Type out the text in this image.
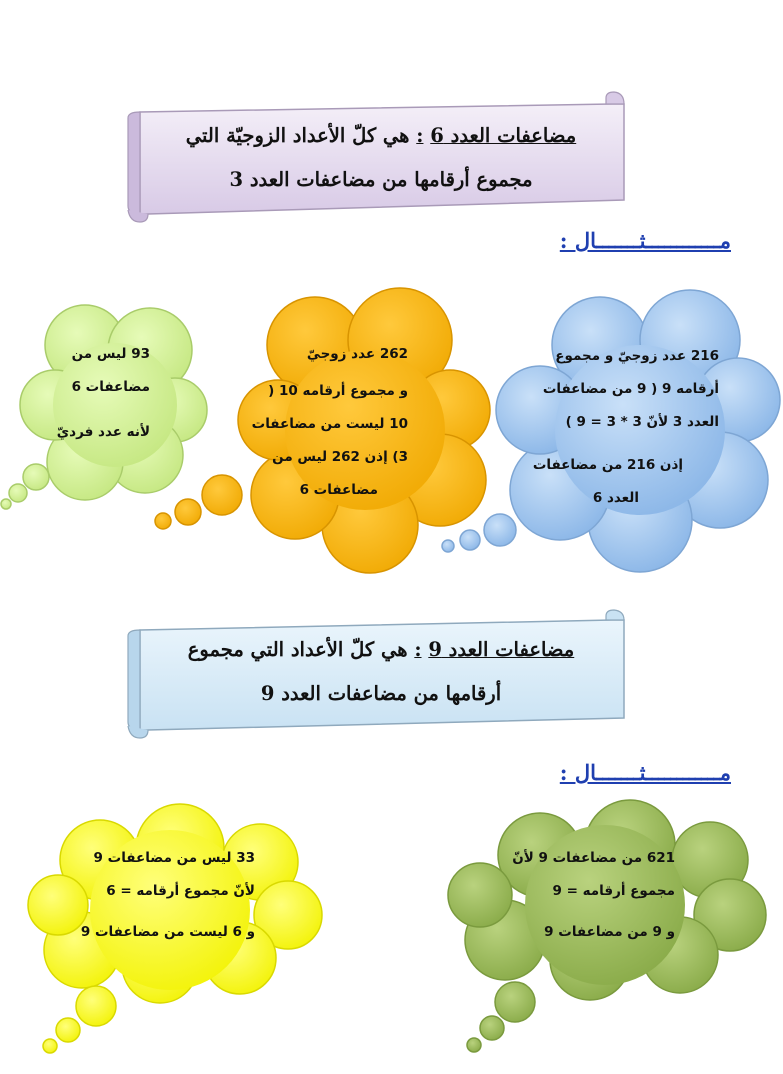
مضاعفات العدد 6 : هي كلّ الأعداد الزوجيّة التي
مجموع أرقامها من مضاعفات العدد 3
مــــــــــــثـــــــال :
216 عدد زوجيّ و مجموع
أرقامه 9 ( 9 من مضاعفات
العدد 3 لأنّ 3 * 3 = 9 )
إذن 216 من مضاعفات
العدد 6
262 عدد زوجيّ
و مجموع أرقامه 10 (
10 ليست من مضاعفات
3) إذن 262 ليس من
مضاعفات 6
93 ليس من
مضاعفات 6
لأنه عدد فرديّ
مضاعفات العدد 9 : هي كلّ الأعداد التي مجموع
أرقامها من مضاعفات العدد 9
مــــــــــــثـــــــال :
621 من مضاعفات 9 لأنّ
مجموع أرقامه = 9
و 9 من مضاعفات 9
33 ليس من مضاعفات 9
لأنّ مجموع أرقامه = 6
و 6 ليست من مضاعفات 9
